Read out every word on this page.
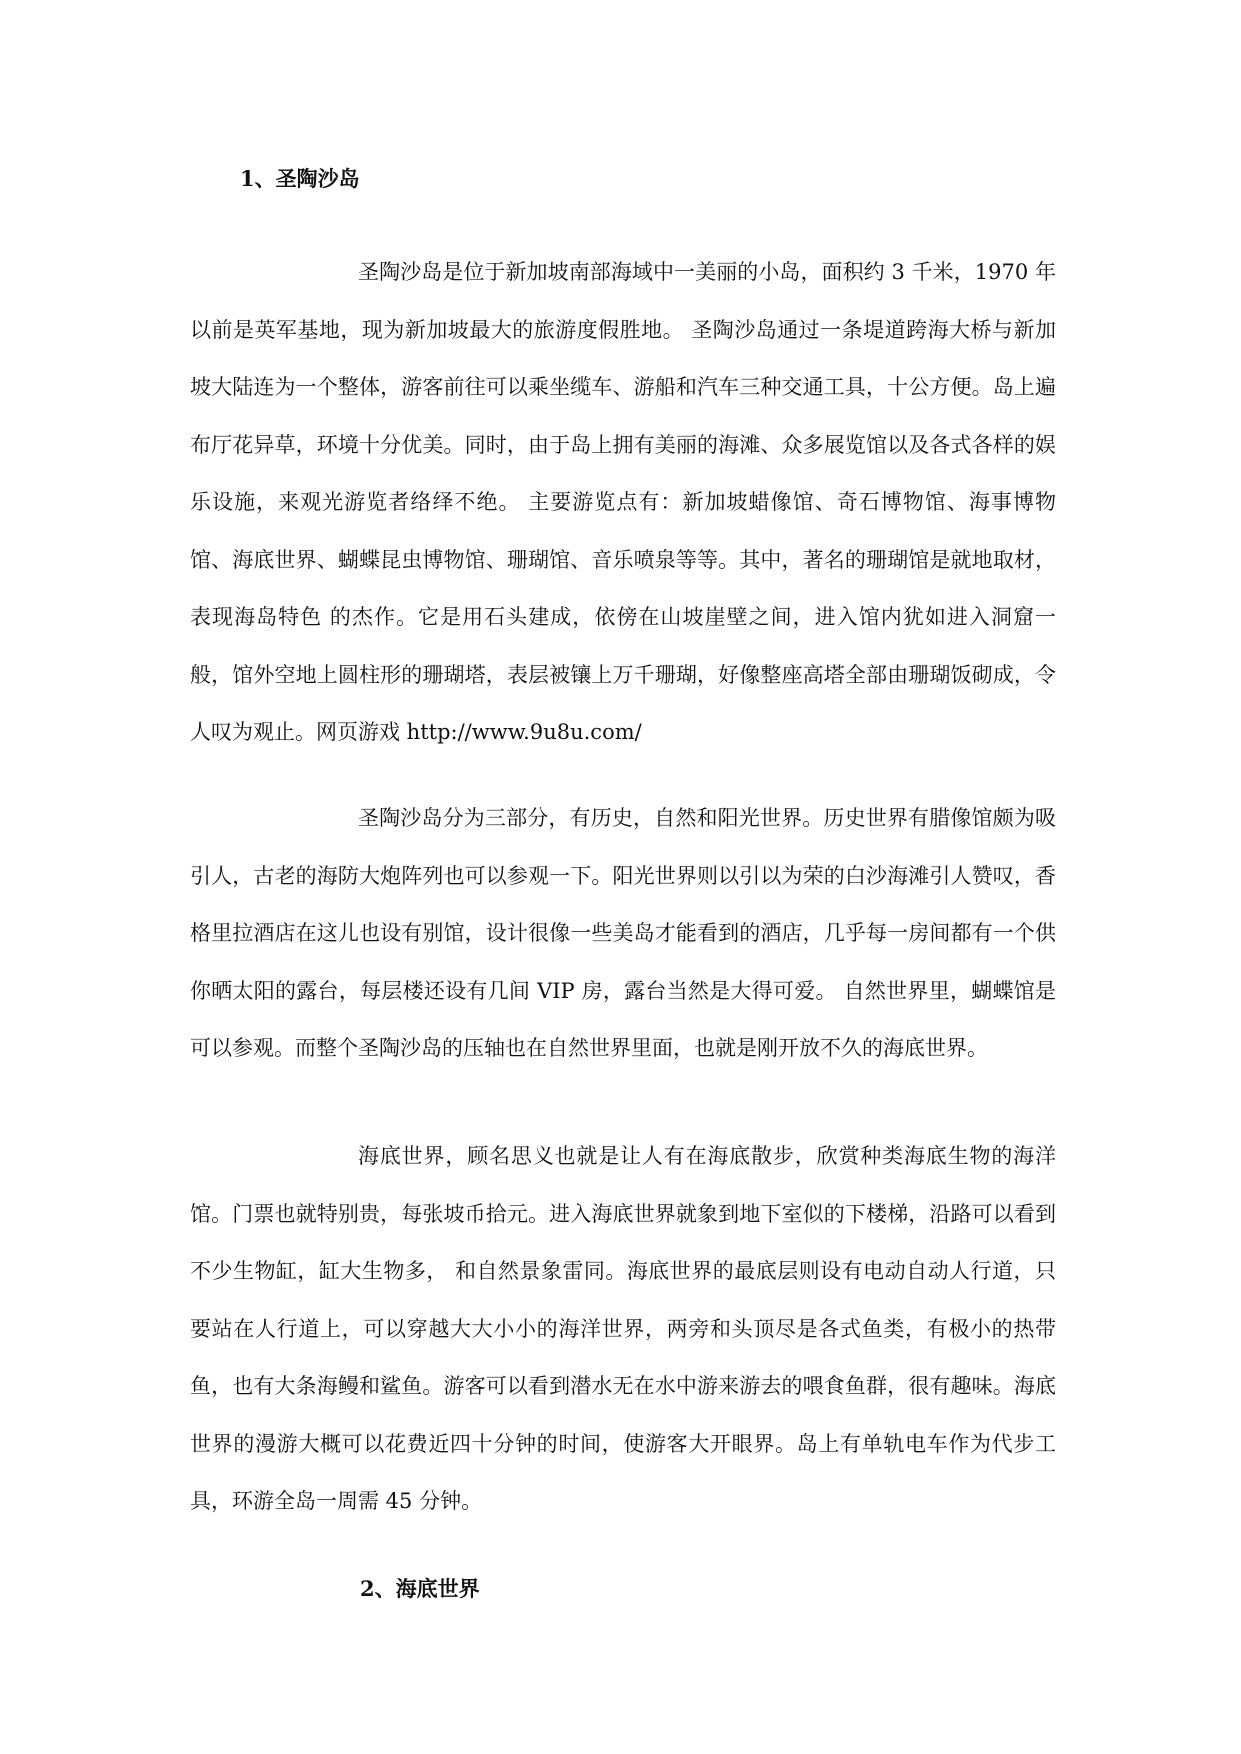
1、圣陶沙岛

圣陶沙岛是位于新加坡南部海域中一美丽的小岛，面积约 3 千米，1970 年以前是英军基地，现为新加坡最大的旅游度假胜地。 圣陶沙岛通过一条堤道跨海大桥与新加坡大陆连为一个整体，游客前往可以乘坐缆车、游船和汽车三种交通工具，十公方便。岛上遍布厅花异草，环境十分优美。同时，由于岛上拥有美丽的海滩、众多展览馆以及各式各样的娱乐设施，来观光游览者络绎不绝。 主要游览点有：新加坡蜡像馆、奇石博物馆、海事博物馆、海底世界、蝴蝶昆虫博物馆、珊瑚馆、音乐喷泉等等。其中，著名的珊瑚馆是就地取材，表现海岛特色 的杰作。它是用石头建成，依傍在山坡崖壁之间，进入馆内犹如进入洞窟一般，馆外空地上圆柱形的珊瑚塔，表层被镶上万千珊瑚，好像整座高塔全部由珊瑚饭砌成，令人叹为观止。网页游戏 http://www.9u8u.com/

圣陶沙岛分为三部分，有历史，自然和阳光世界。历史世界有腊像馆颇为吸引人，古老的海防大炮阵列也可以参观一下。阳光世界则以引以为荣的白沙海滩引人赞叹，香格里拉酒店在这儿也设有别馆，设计很像一些美岛才能看到的酒店，几乎每一房间都有一个供你晒太阳的露台，每层楼还设有几间 VIP 房，露台当然是大得可爱。 自然世界里，蝴蝶馆是可以参观。而整个圣陶沙岛的压轴也在自然世界里面，也就是刚开放不久的海底世界。

海底世界，顾名思义也就是让人有在海底散步，欣赏种类海底生物的海洋馆。门票也就特别贵，每张坡币拾元。进入海底世界就象到地下室似的下楼梯，沿路可以看到不少生物缸，缸大生物多， 和自然景象雷同。海底世界的最底层则设有电动自动人行道，只要站在人行道上，可以穿越大大小小的海洋世界，两旁和头顶尽是各式鱼类，有极小的热带鱼，也有大条海鳗和鲨鱼。游客可以看到潜水无在水中游来游去的喂食鱼群，很有趣味。海底世界的漫游大概可以花费近四十分钟的时间，使游客大开眼界。岛上有单轨电车作为代步工具，环游全岛一周需 45 分钟。

2、海底世界
